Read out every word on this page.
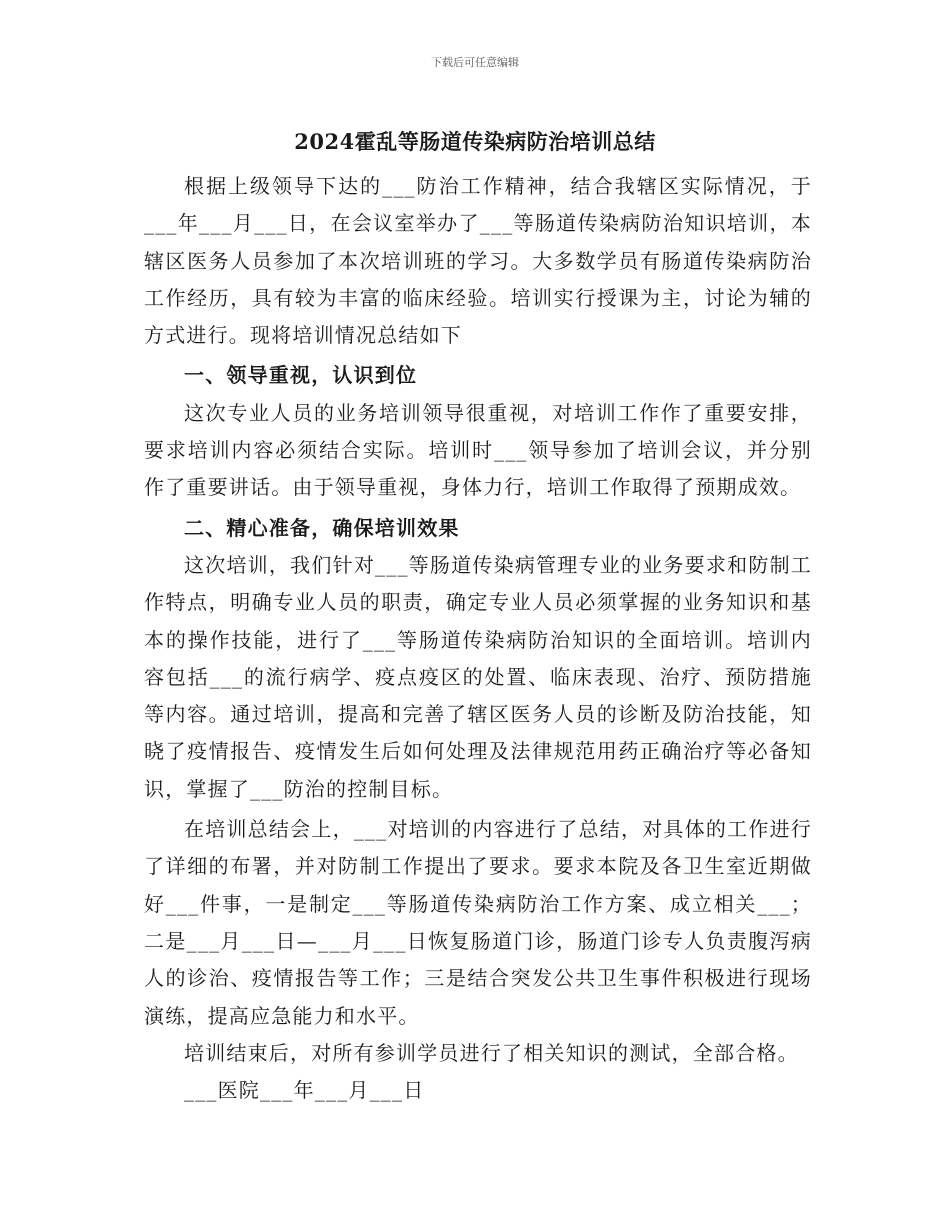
下载后可任意编辑
2024霍乱等肠道传染病防治培训总结

根据上级领导下达的___防治工作精神，结合我辖区实际情况，于___年___月___日，在会议室举办了___等肠道传染病防治知识培训，本辖区医务人员参加了本次培训班的学习。大多数学员有肠道传染病防治工作经历，具有较为丰富的临床经验。培训实行授课为主，讨论为辅的方式进行。现将培训情况总结如下

一、领导重视，认识到位

这次专业人员的业务培训领导很重视，对培训工作作了重要安排，要求培训内容必须结合实际。培训时___领导参加了培训会议，并分别作了重要讲话。由于领导重视，身体力行，培训工作取得了预期成效。

二、精心准备，确保培训效果

这次培训，我们针对___等肠道传染病管理专业的业务要求和防制工作特点，明确专业人员的职责，确定专业人员必须掌握的业务知识和基本的操作技能，进行了___等肠道传染病防治知识的全面培训。培训内容包括___的流行病学、疫点疫区的处置、临床表现、治疗、预防措施等内容。通过培训，提高和完善了辖区医务人员的诊断及防治技能，知晓了疫情报告、疫情发生后如何处理及法律规范用药正确治疗等必备知识，掌握了___防治的控制目标。

在培训总结会上，___对培训的内容进行了总结，对具体的工作进行了详细的布署，并对防制工作提出了要求。要求本院及各卫生室近期做好___件事，一是制定___等肠道传染病防治工作方案、成立相关___；二是___月___日—___月___日恢复肠道门诊，肠道门诊专人负责腹泻病人的诊治、疫情报告等工作；三是结合突发公共卫生事件积极进行现场演练，提高应急能力和水平。

培训结束后，对所有参训学员进行了相关知识的测试，全部合格。

___医院___年___月___日
